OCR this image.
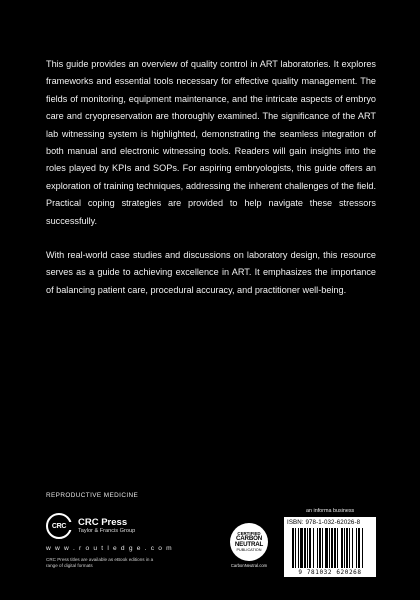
This guide provides an overview of quality control in ART laboratories. It explores frameworks and essential tools necessary for effective quality management. The fields of monitoring, equipment maintenance, and the intricate aspects of embryo care and cryopreservation are thoroughly examined. The significance of the ART lab witnessing system is highlighted, demonstrating the seamless integration of both manual and electronic witnessing tools. Readers will gain insights into the roles played by KPIs and SOPs. For aspiring embryologists, this guide offers an exploration of training techniques, addressing the inherent challenges of the field. Practical coping strategies are provided to help navigate these stressors successfully.

With real-world case studies and discussions on laboratory design, this resource serves as a guide to achieving excellence in ART. It emphasizes the importance of balancing patient care, procedural accuracy, and practitioner well-being.

REPRODUCTIVE MEDICINE
CRC	CRC Press
Taylor & Francis Group
w w w . r o u t l e d g e . c o m
CRC Press titles are available as eBook editions in a range of digital formats
CERTIFIED
CARBON
NEUTRAL
PUBLICATION
CarbonNeutral.com
an informa business
ISBN: 978-1-032-62026-8
9 781032 620268
